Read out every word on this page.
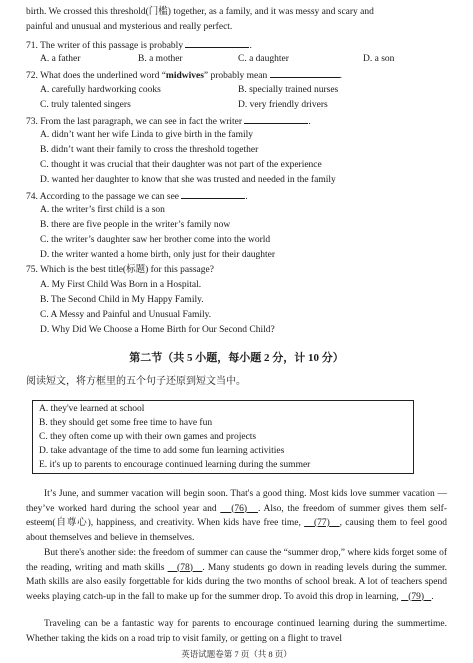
birth. We crossed this threshold(门槛) together, as a family, and it was messy and scary and
painful and unusual and mysterious and really perfect.
71. The writer of this passage is probably	.
A. a father	B. a mother	C. a daughter	D. a son
72. What does the underlined word “midwives” probably mean	.
A. carefully hardworking cooks	B. specially trained nurses
C. truly talented singers	D. very friendly drivers
73. From the last paragraph, we can see in fact the writer	.
A. didn’t want her wife Linda to give birth in the family
B. didn’t want their family to cross the threshold together
C. thought it was crucial that their daughter was not part of the experience
D. wanted her daughter to know that she was trusted and needed in the family
74. According to the passage we can see	.
A. the writer’s first child is a son
B. there are five people in the writer’s family now
C. the writer’s daughter saw her brother come into the world
D. the writer wanted a home birth, only just for their daughter
75. Which is the best title(标题) for this passage?
A. My First Child Was Born in a Hospital.
B. The Second Child in My Happy Family.
C. A Messy and Painful and Unusual Family.
D. Why Did We Choose a Home Birth for Our Second Child?
第二节（共 5 小题，每小题 2 分，计 10 分）
阅读短文，将方框里的五个句子还原到短文当中。
A. they've learned at school
B. they should get some free time to have fun
C. they often come up with their own games and projects
D. take advantage of the time to add some fun learning activities
E. it's up to parents to encourage continued learning during the summer
It’s June, and summer vacation will begin soon. That's a good thing. Most kids love summer vacation — they’ve worked hard during the school year and    (76) . Also, the freedom of summer gives them self-esteem(自尊心), happiness, and creativity. When kids have free time,    (77) , causing them to feel good about themselves and believe in themselves.
But there's another side: the freedom of summer can cause the “summer drop,” where kids forget some of the reading, writing and math skills    (78) . Many students go down in reading levels during the summer. Math skills are also easily forgettable for kids during the two months of school break. A lot of teachers spend weeks playing catch-up in the fall to make up for the summer drop. To avoid this drop in learning,    (79) .
Traveling can be a fantastic way for parents to encourage continued learning during the summertime. Whether taking the kids on a road trip to visit family, or getting on a flight to travel
英语试题卷第 7 页（共 8 页）
